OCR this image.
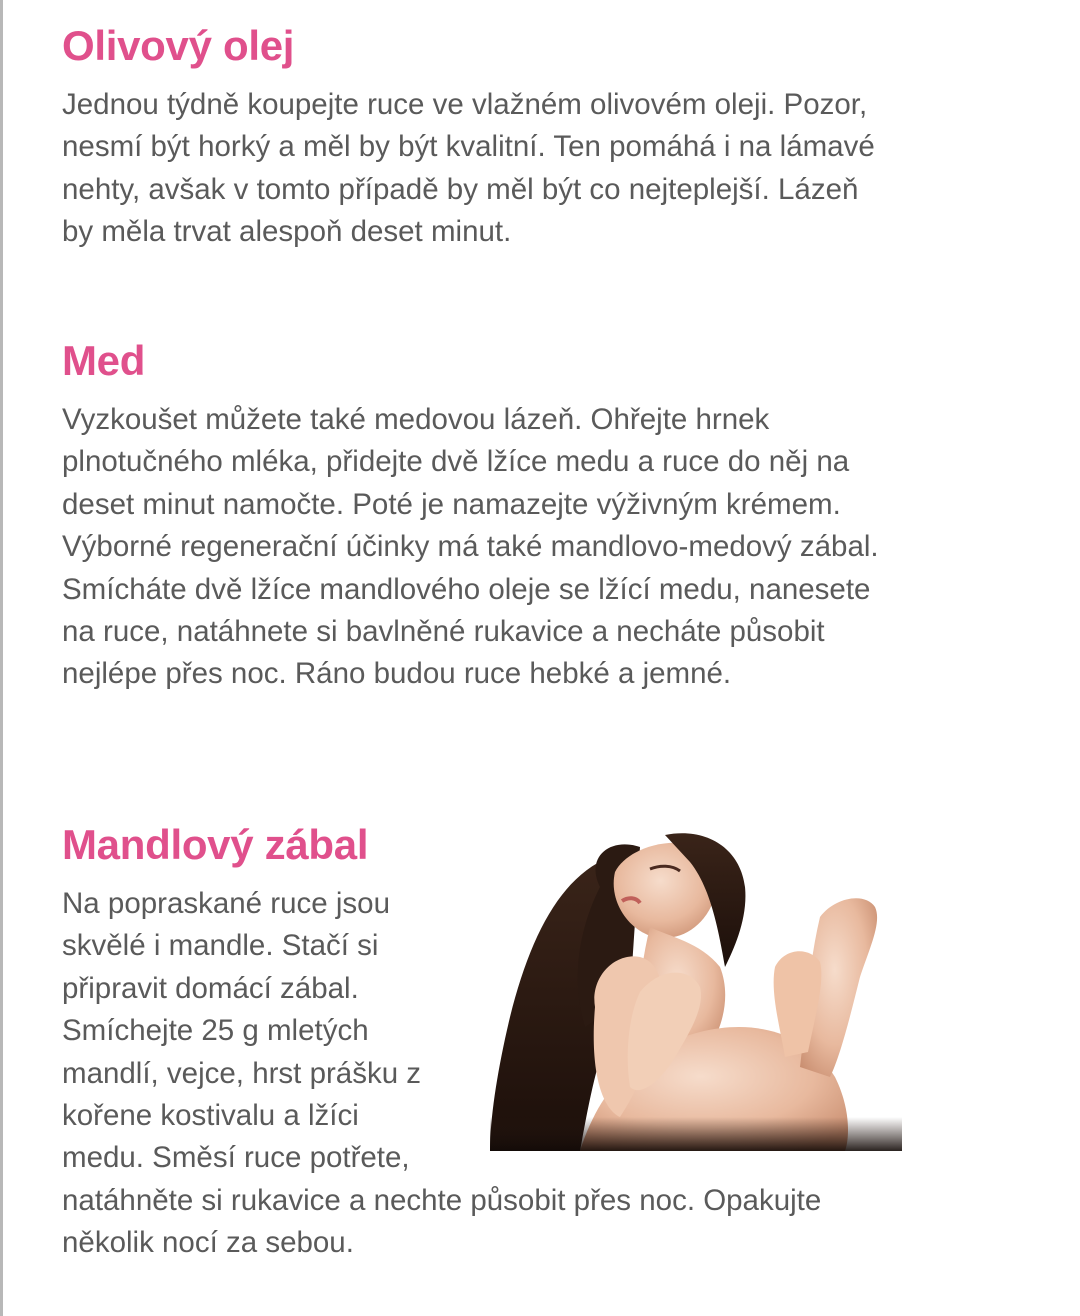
Olivový olej

Jednou týdně koupejte ruce ve vlažném olivovém oleji. Pozor, nesmí být horký a měl by být kvalitní. Ten pomáhá i na lámavé nehty, avšak v tomto případě by měl být co nejteplejší. Lázeň by měla trvat alespoň deset minut.

Med

Vyzkoušet můžete také medovou lázeň. Ohřejte hrnek plnotučného mléka, přidejte dvě lžíce medu a ruce do něj na deset minut namočte. Poté je namazejte výživným krémem. Výborné regenerační účinky má také mandlovo-medový zábal. Smícháte dvě lžíce mandlového oleje se lžící medu, nanesete na ruce, natáhnete si bavlněné rukavice a necháte působit nejlépe přes noc. Ráno budou ruce hebké a jemné.

Mandlový zábal

Na popraskané ruce jsou skvělé i mandle. Stačí si připravit domácí zábal. Smíchejte 25 g mletých mandlí, vejce, hrst prášku z kořene kostivalu a lžíci medu. Směsí ruce potřete, natáhněte si rukavice a nechte působit přes noc. Opakujte několik nocí za sebou.
